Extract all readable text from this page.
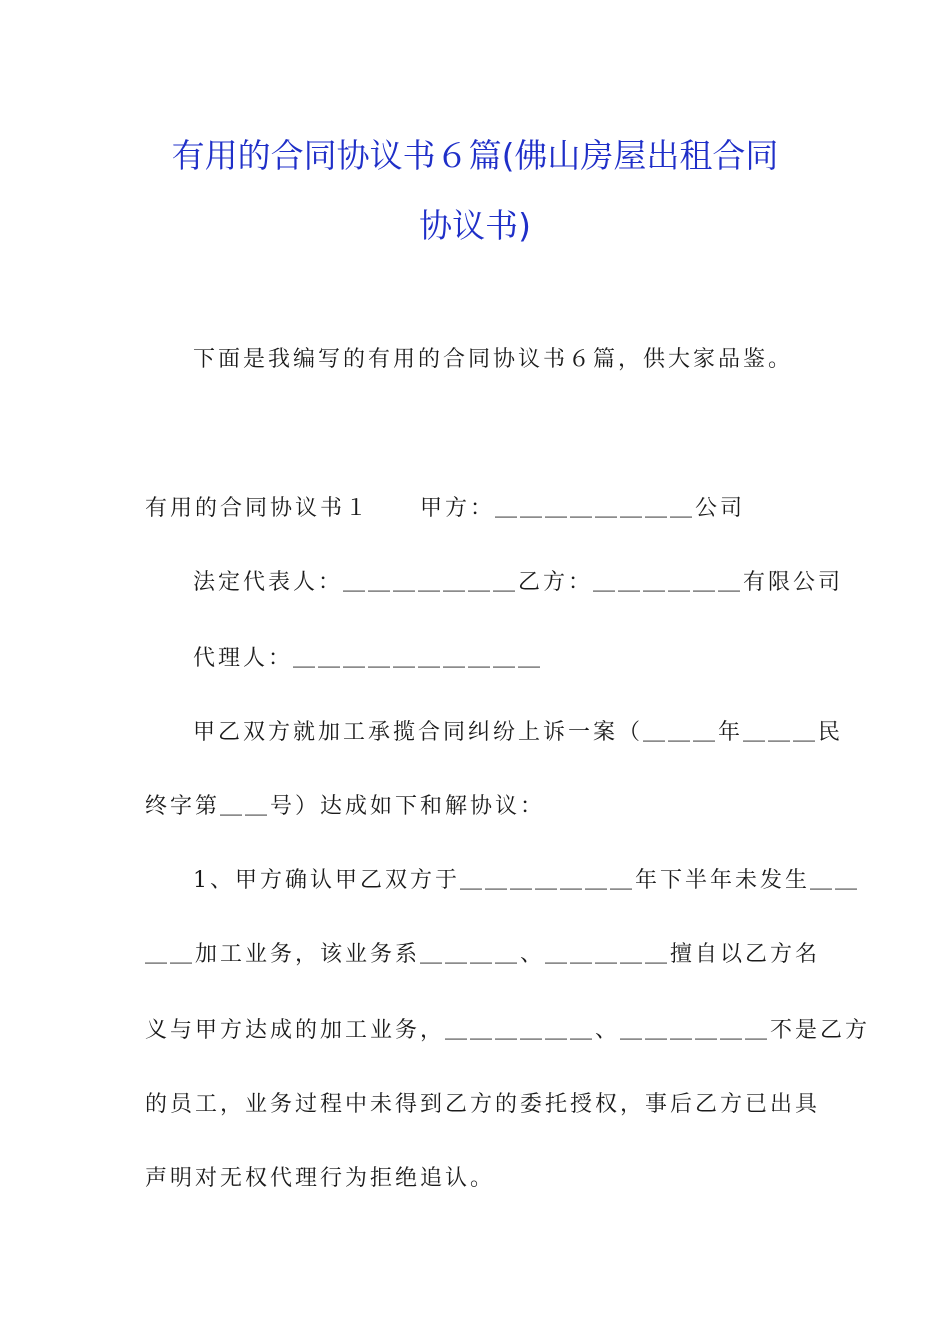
有用的合同协议书６篇(佛山房屋出租合同
协议书)
下面是我编写的有用的合同协议书６篇，供大家品鉴。
有用的合同协议书１　　甲方：＿＿＿＿＿＿＿＿公司
法定代表人：＿＿＿＿＿＿＿乙方：＿＿＿＿＿＿有限公司
代理人：＿＿＿＿＿＿＿＿＿＿
甲乙双方就加工承揽合同纠纷上诉一案（＿＿＿年＿＿＿民
终字第＿＿号）达成如下和解协议：
1、甲方确认甲乙双方于＿＿＿＿＿＿＿年下半年未发生＿＿
＿＿加工业务，该业务系＿＿＿＿、＿＿＿＿＿擅自以乙方名
义与甲方达成的加工业务，＿＿＿＿＿＿、＿＿＿＿＿＿不是乙方
的员工，业务过程中未得到乙方的委托授权，事后乙方已出具
声明对无权代理行为拒绝追认。
